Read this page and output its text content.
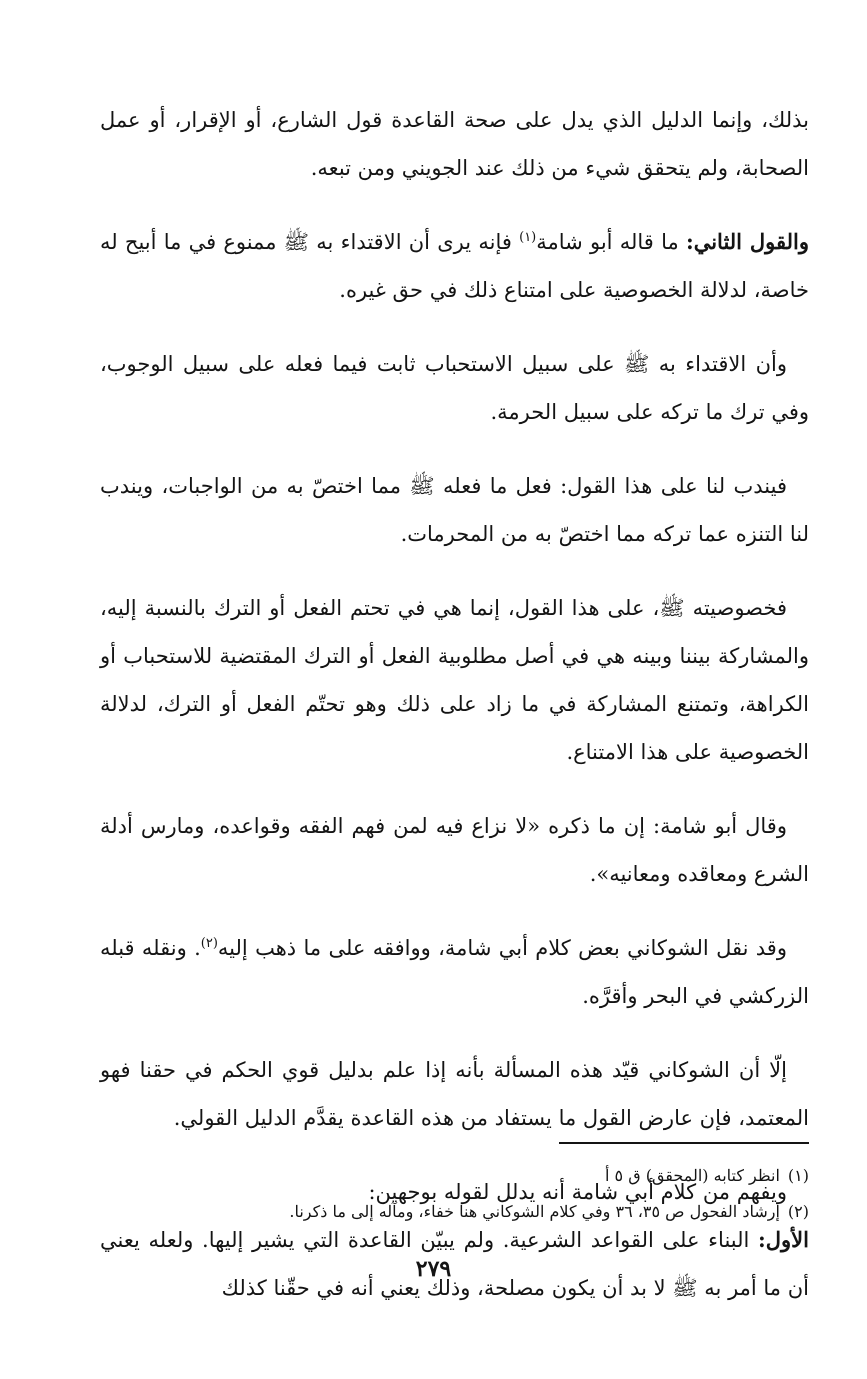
بذلك، وإنما الدليل الذي يدل على صحة القاعدة قول الشارع، أو الإقرار، أو عمل الصحابة، ولم يتحقق شيء من ذلك عند الجويني ومن تبعه.

والقول الثاني: ما قاله أبو شامة$^{(١)}$ فإنه يرى أن الاقتداء به ﷺ ممنوع في ما أبيح له خاصة، لدلالة الخصوصية على امتناع ذلك في حق غيره.

وأن الاقتداء به ﷺ على سبيل الاستحباب ثابت فيما فعله على سبيل الوجوب، وفي ترك ما تركه على سبيل الحرمة.

فيندب لنا على هذا القول: فعل ما فعله ﷺ مما اختصّ به من الواجبات، ويندب لنا التنزه عما تركه مما اختصّ به من المحرمات.

فخصوصيته ﷺ، على هذا القول، إنما هي في تحتم الفعل أو الترك بالنسبة إليه، والمشاركة بيننا وبينه هي في أصل مطلوبية الفعل أو الترك المقتضية للاستحباب أو الكراهة، وتمتنع المشاركة في ما زاد على ذلك وهو تحتّم الفعل أو الترك، لدلالة الخصوصية على هذا الامتناع.

وقال أبو شامة: إن ما ذكره «لا نزاع فيه لمن فهم الفقه وقواعده، ومارس أدلة الشرع ومعاقده ومعانيه».

وقد نقل الشوكاني بعض كلام أبي شامة، ووافقه على ما ذهب إليه$^{(٢)}$. ونقله قبله الزركشي في البحر وأقرَّه.

إلّا أن الشوكاني قيّد هذه المسألة بأنه إذا علم بدليل قوي الحكم في حقنا فهو المعتمد، فإن عارض القول ما يستفاد من هذه القاعدة يقدَّم الدليل القولي.

ويفهم من كلام أبي شامة أنه يدلل لقوله بوجهين:

الأول: البناء على القواعد الشرعية. ولم يبيّن القاعدة التي يشير إليها. ولعله يعني أن ما أمر به ﷺ لا بد أن يكون مصلحة، وذلك يعني أنه في حقّنا كذلك

(١)انظر كتابه (المحقق) ق ٥ أ

(٢)إرشاد الفحول ص ٣٥، ٣٦ وفي كلام الشوكاني هنا خفاء، ومآله إلى ما ذكرنا.

٢٧٩
